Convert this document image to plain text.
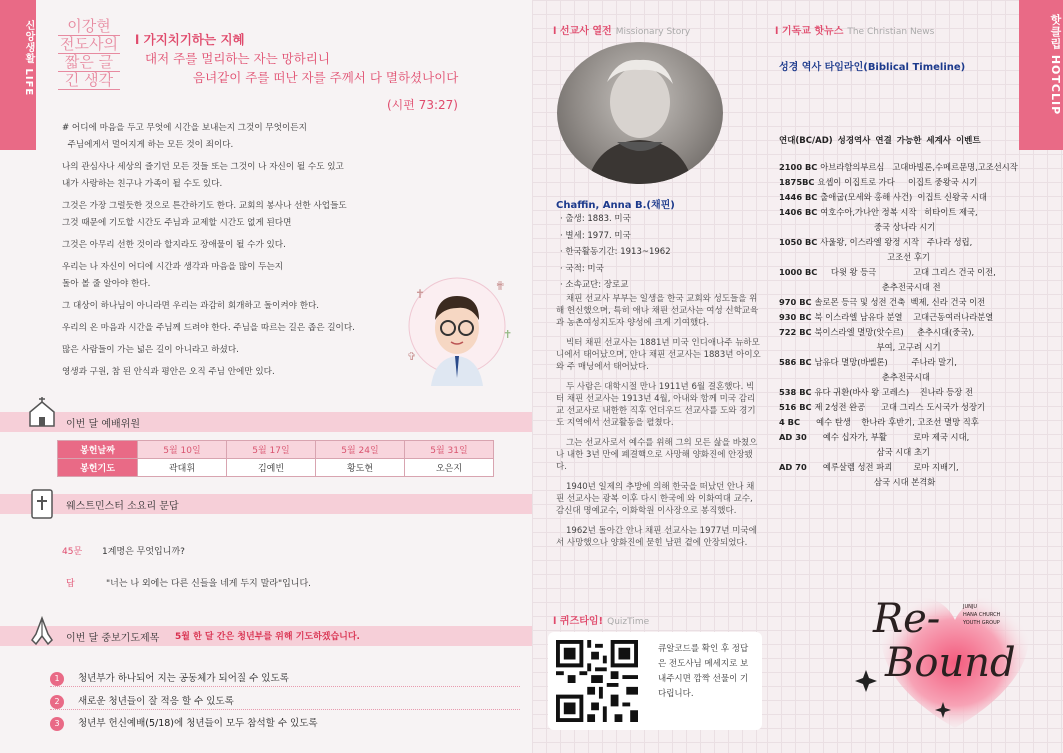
신앙생활 LIFE	이강현
전도사의
짧은 글
긴 생각
l 가지치기하는 지혜
대저 주를 멀리하는 자는 망하리니
음녀같이 주를 떠난 자를 주께서 다 멸하셨나이다
(시편 73:27)

# 어디에 마음을 두고 무엇에 시간을 보내는지 그것이 무엇이든지
주님에게서 멀어지게 하는 모든 것이 죄이다.

나의 관심사나 세상의 즐기던 모든 것들 또는 그것이 나 자신이 될 수도 있고
내가 사랑하는 친구나 가족이 될 수도 있다.

그것은 가장 그럴듯한 것으로 튼간하기도 한다. 교회의 봉사나 선한 사업들도
그것 때문에 기도할 시간도 주님과 교제할 시간도 없게 된다면

그것은 아무리 선한 것이라 할지라도 장애물이 될 수가 있다.

우리는 나 자신이 어디에 시간과 생각과 마음을 많이 두는지
돌아 볼 줄 알아야 한다.

그 대상이 하나님이 아니라면 우리는 과감히 회개하고 돌이켜야 한다.

우리의 온 마음과 시간을 주님께 드려야 한다. 주님을 따르는 길은 좁은 길이다.

많은 사람들이 가는 넓은 길이 아니라고 하셨다.

영생과 구원, 참 된 안식과 평안은 오직 주님 안에만 있다.

✝
✟
✝
✞
이번 달 예배위원
봉헌날짜	5월 10일	5월 17일	5월 24일	5월 31일
봉헌기도	곽대휘	김예빈	황도현	오은지
웨스트민스터 소요리 문답
45문 1계명은 무엇입니까?
답	"너는 나 외에는 다른 신들을 네게 두지 말라"입니다.
이번 달 중보기도제목 5월 한 달 간은 청년부를 위해 기도하겠습니다.
1 청년부가 하나되어 지는 공동체가 되어질 수 있도록
2 새로운 청년들이 잘 적응 할 수 있도록
3 청년부 헌신예배(5/18)에 청년들이 모두 참석할 수 있도록
l 선교사 열전 Missionary Story
Chaffin, Anna B.(채핀)
· 출생: 1883. 미국
· 별세: 1977. 미국
· 한국활동기간: 1913~1962
· 국적: 미국
· 소속교단: 장로교

채핀 선교사 부부는 일생을 한국 교회와 성도들을 위해 헌신했으며, 특히 애나 채핀 선교사는 여성 신학교육과 농촌여성지도자 양성에 크게 기여했다.

빅터 채핀 선교사는 1881년 미국 인디애나주 뉴하모니에서 태어났으며, 안나 채핀 선교사는 1883년 아이오와 주 매닝에서 태어났다.

두 사람은 대학시절 만나 1911년 6월 결혼했다. 빅터 채핀 선교사는 1913년 4월, 아내와 함께 미국 감리교 선교사로 내한한 직후 언더우드 선교사를 도와 경기도 지역에서 선교활동을 펼쳤다.

그는 선교사로서 예수를 위해 그의 모든 삶을 바쳤으나 내한 3년 만에 폐결핵으로 사망해 양화진에 안장됐다.

1940년 일제의 추방에 의해 한국을 떠났던 안나 채핀 선교사는 광복 이후 다시 한국에 와 이화여대 교수, 감신대 명예교수, 이화학원 이사장으로 봉직했다.

1962년 돌아간 안나 채핀 선교사는 1977년 미국에서 사망했으나 양화진에 묻힌 남편 곁에 안장되었다.

l 퀴즈타임! QuizTime
큐알코드를 확인 후 정답은 전도사님 메세지로 보내주시면 깜짝 선물이 기다립니다.
핫클립 HOTCLIP
Re-
Bound
JUNJU
HANA CHURCH
YOUTH GROUP
l 기독교 핫뉴스 The Christian News
성경 역사 타임라인(Biblical Timeline)
연대(BC/AD) 성경역사 연결 가능한 세계사 이벤트
2100 BC 아브라함의부르심   고대바빌론,수메르문명,고조선시작
1875BC 요셉이 이집트로 가다     이집트 중왕국 시기
1446 BC 출애굽(모세와 홍해 사건)  이집트 신왕국 시대
1406 BC 여호수아,가나안 정복 시작   히타이트 제국,
중국 상나라 시기
1050 BC 사울왕, 이스라엘 왕정 시작   주나라 성립,
고조선 후기
1000 BC     다윗 왕 등극              고대 그리스 건국 이전,
춘추전국시대 전
970 BC 솔로몬 등극 및 성전 건축  벡제, 신라 건국 이전
930 BC 북 이스라엘 남유다 분열    고대근동여러나라분열
722 BC 북이스라엘 멸망(앗수르)     춘추시대(중국),
부여, 고구려 시기
586 BC 남유다 멸망(바벨론)         주나라 말기,
춘추전국시대
538 BC 유다 귀환(바사 왕 고레스)    진나라 등장 전
516 BC 제 2성전 완공      고대 그리스 도시국가 성장기
4 BC      예수 탄생    한나라 후반기, 고조선 멸망 직후
AD 30      예수 십자가, 부활          로마 제국 시대,
삼국 시대 초기
AD 70      예루살렘 성전 파괴        로마 지배기,
삼국 시대 본격화
